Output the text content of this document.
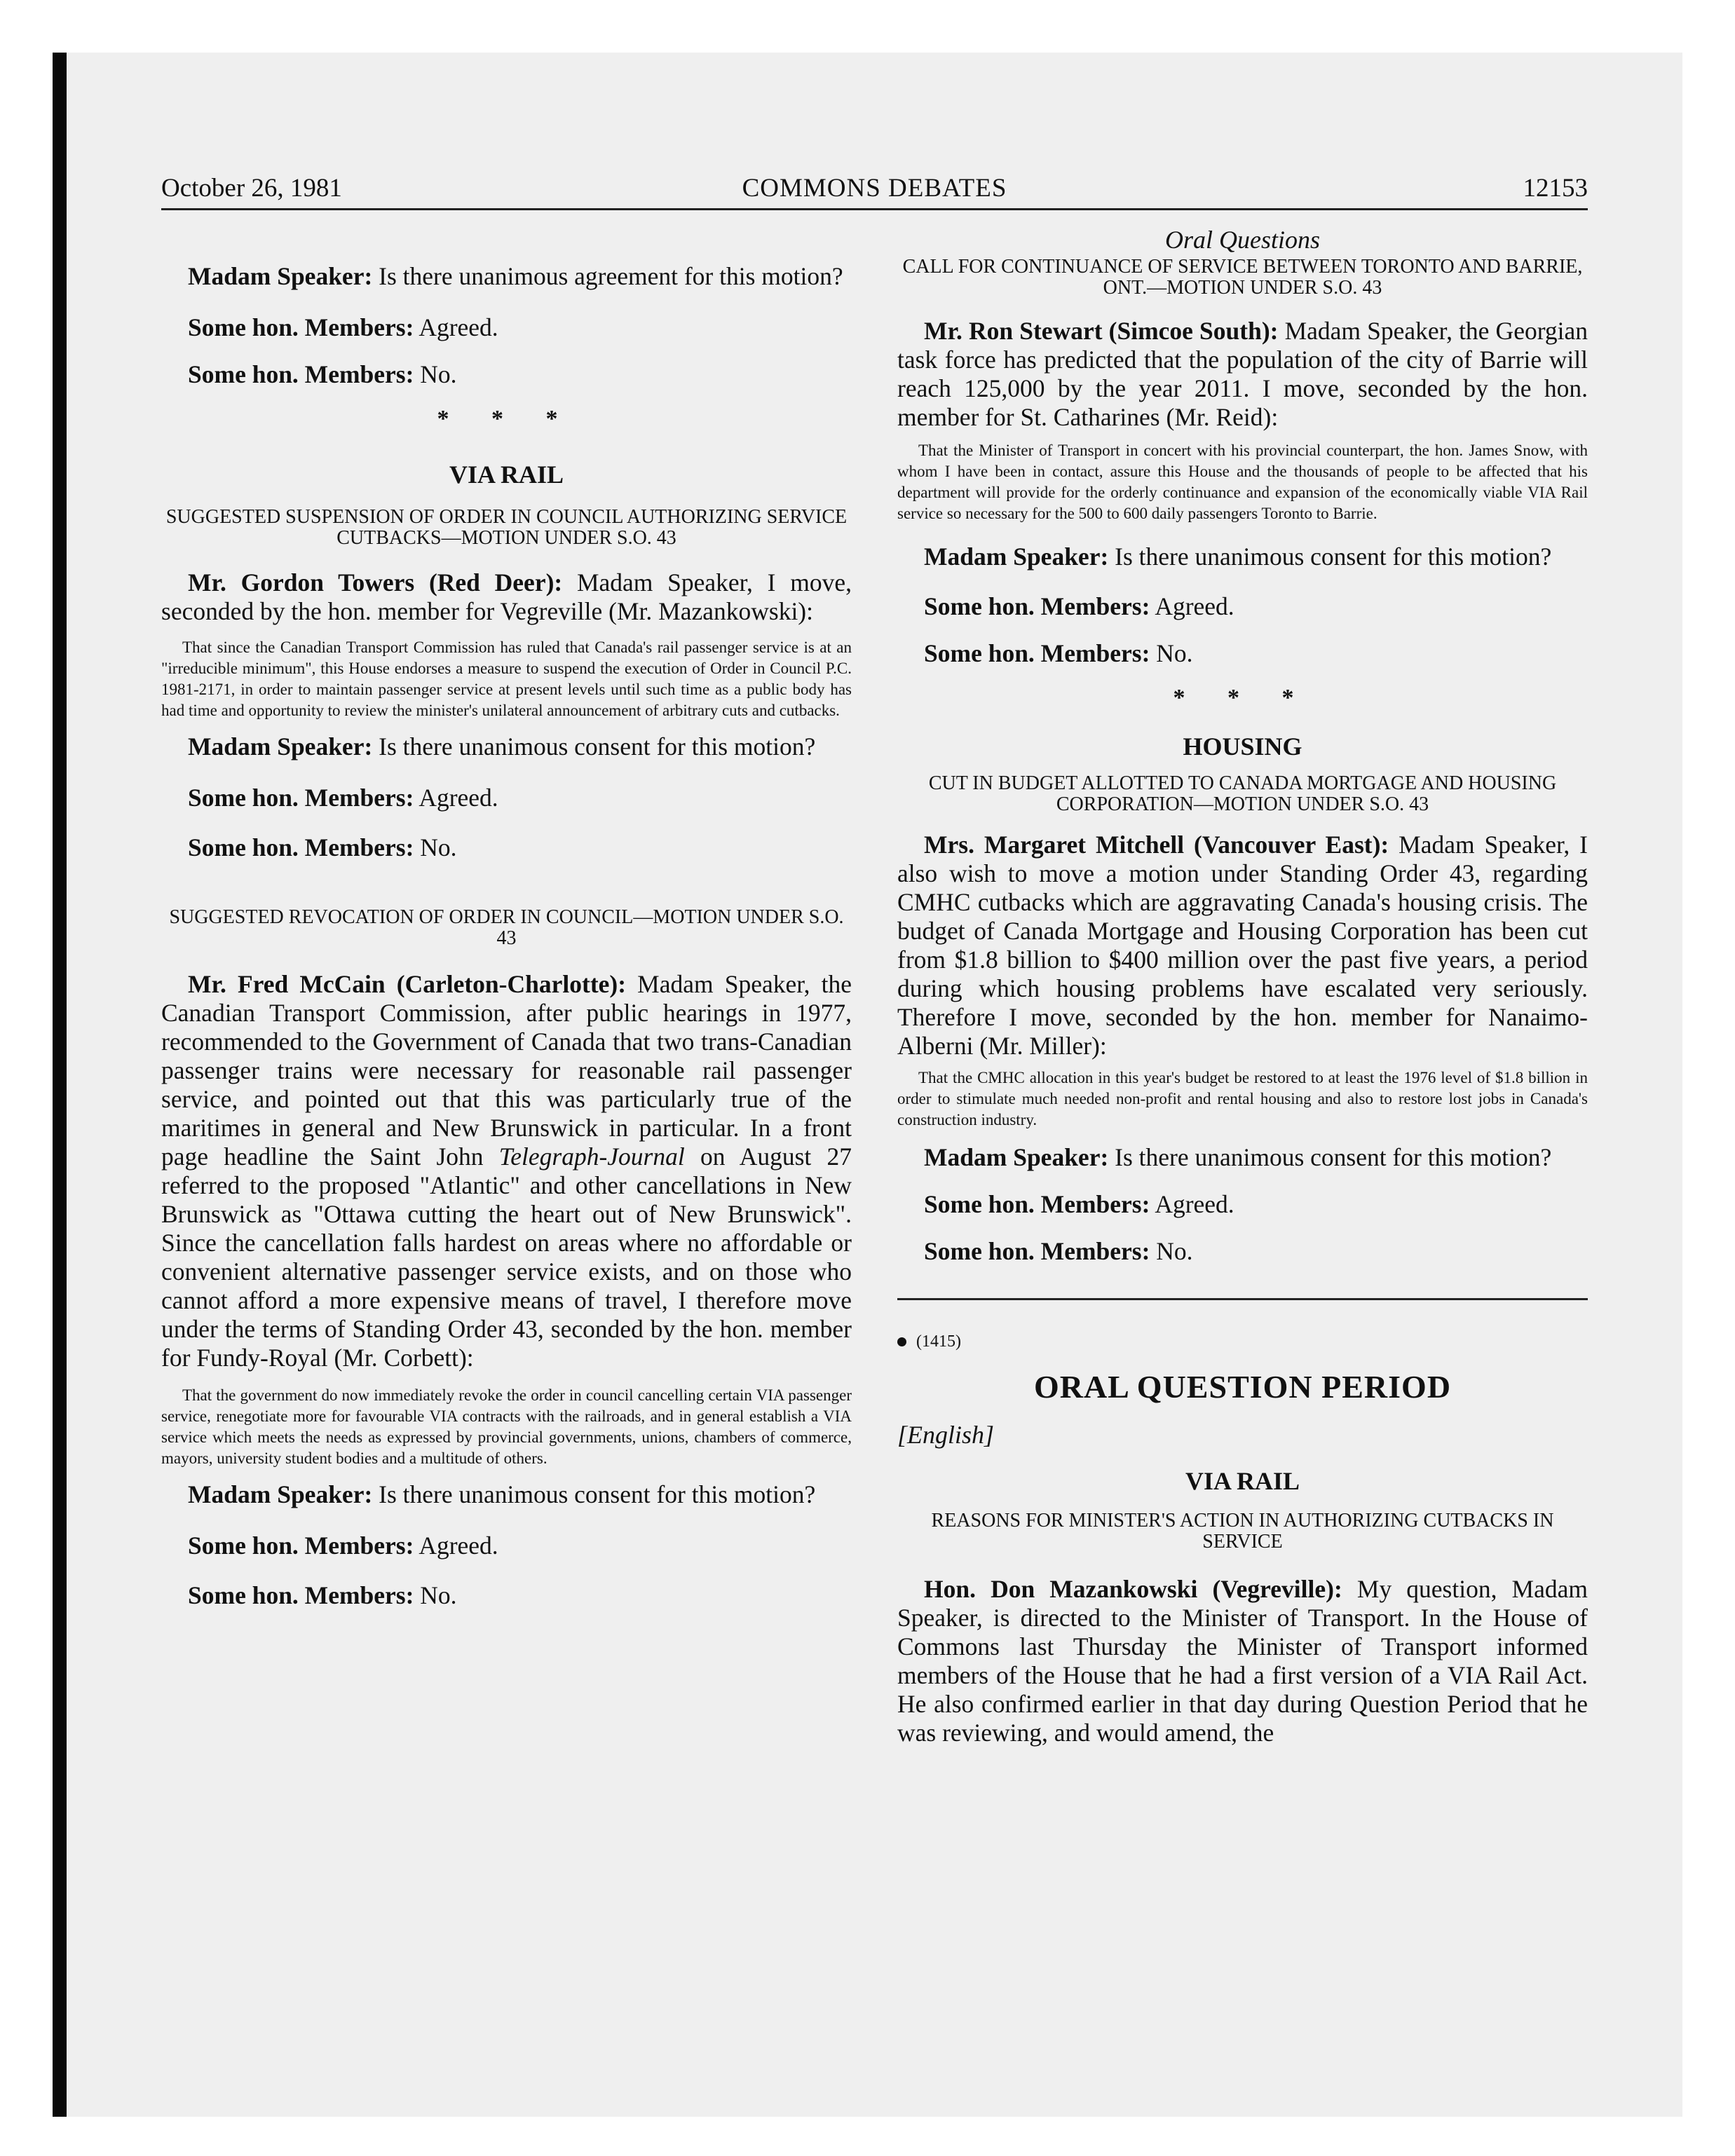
October 26, 1981	COMMONS DEBATES	12153

Madam Speaker: Is there unanimous agreement for this motion?

Some hon. Members: Agreed.

Some hon. Members: No.

* * *

VIA RAIL

SUGGESTED SUSPENSION OF ORDER IN COUNCIL AUTHORIZING SERVICE CUTBACKS—MOTION UNDER S.O. 43

Mr. Gordon Towers (Red Deer): Madam Speaker, I move, seconded by the hon. member for Vegreville (Mr. Mazankowski):

That since the Canadian Transport Commission has ruled that Canada's rail passenger service is at an "irreducible minimum", this House endorses a measure to suspend the execution of Order in Council P.C. 1981-2171, in order to maintain passenger service at present levels until such time as a public body has had time and opportunity to review the minister's unilateral announcement of arbitrary cuts and cutbacks.

Madam Speaker: Is there unanimous consent for this motion?

Some hon. Members: Agreed.

Some hon. Members: No.

SUGGESTED REVOCATION OF ORDER IN COUNCIL—MOTION UNDER S.O. 43

Mr. Fred McCain (Carleton-Charlotte): Madam Speaker, the Canadian Transport Commission, after public hearings in 1977, recommended to the Government of Canada that two trans-Canadian passenger trains were necessary for reasonable rail passenger service, and pointed out that this was particularly true of the maritimes in general and New Brunswick in particular. In a front page headline the Saint John Telegraph-Journal on August 27 referred to the proposed "Atlantic" and other cancellations in New Brunswick as "Ottawa cutting the heart out of New Brunswick". Since the cancellation falls hardest on areas where no affordable or convenient alternative passenger service exists, and on those who cannot afford a more expensive means of travel, I therefore move under the terms of Standing Order 43, seconded by the hon. member for Fundy-Royal (Mr. Corbett):

That the government do now immediately revoke the order in council cancelling certain VIA passenger service, renegotiate more for favourable VIA contracts with the railroads, and in general establish a VIA service which meets the needs as expressed by provincial governments, unions, chambers of commerce, mayors, university student bodies and a multitude of others.

Madam Speaker: Is there unanimous consent for this motion?

Some hon. Members: Agreed.

Some hon. Members: No.

Oral Questions

CALL FOR CONTINUANCE OF SERVICE BETWEEN TORONTO AND BARRIE, ONT.—MOTION UNDER S.O. 43

Mr. Ron Stewart (Simcoe South): Madam Speaker, the Georgian task force has predicted that the population of the city of Barrie will reach 125,000 by the year 2011. I move, seconded by the hon. member for St. Catharines (Mr. Reid):

That the Minister of Transport in concert with his provincial counterpart, the hon. James Snow, with whom I have been in contact, assure this House and the thousands of people to be affected that his department will provide for the orderly continuance and expansion of the economically viable VIA Rail service so necessary for the 500 to 600 daily passengers Toronto to Barrie.

Madam Speaker: Is there unanimous consent for this motion?

Some hon. Members: Agreed.

Some hon. Members: No.

* * *

HOUSING

CUT IN BUDGET ALLOTTED TO CANADA MORTGAGE AND HOUSING CORPORATION—MOTION UNDER S.O. 43

Mrs. Margaret Mitchell (Vancouver East): Madam Speaker, I also wish to move a motion under Standing Order 43, regarding CMHC cutbacks which are aggravating Canada's housing crisis. The budget of Canada Mortgage and Housing Corporation has been cut from $1.8 billion to $400 million over the past five years, a period during which housing problems have escalated very seriously. Therefore I move, seconded by the hon. member for Nanaimo-Alberni (Mr. Miller):

That the CMHC allocation in this year's budget be restored to at least the 1976 level of $1.8 billion in order to stimulate much needed non-profit and rental housing and also to restore lost jobs in Canada's construction industry.

Madam Speaker: Is there unanimous consent for this motion?

Some hon. Members: Agreed.

Some hon. Members: No.

(1415)

ORAL QUESTION PERIOD

[English]

VIA RAIL

REASONS FOR MINISTER'S ACTION IN AUTHORIZING CUTBACKS IN SERVICE

Hon. Don Mazankowski (Vegreville): My question, Madam Speaker, is directed to the Minister of Transport. In the House of Commons last Thursday the Minister of Transport informed members of the House that he had a first version of a VIA Rail Act. He also confirmed earlier in that day during Question Period that he was reviewing, and would amend, the
